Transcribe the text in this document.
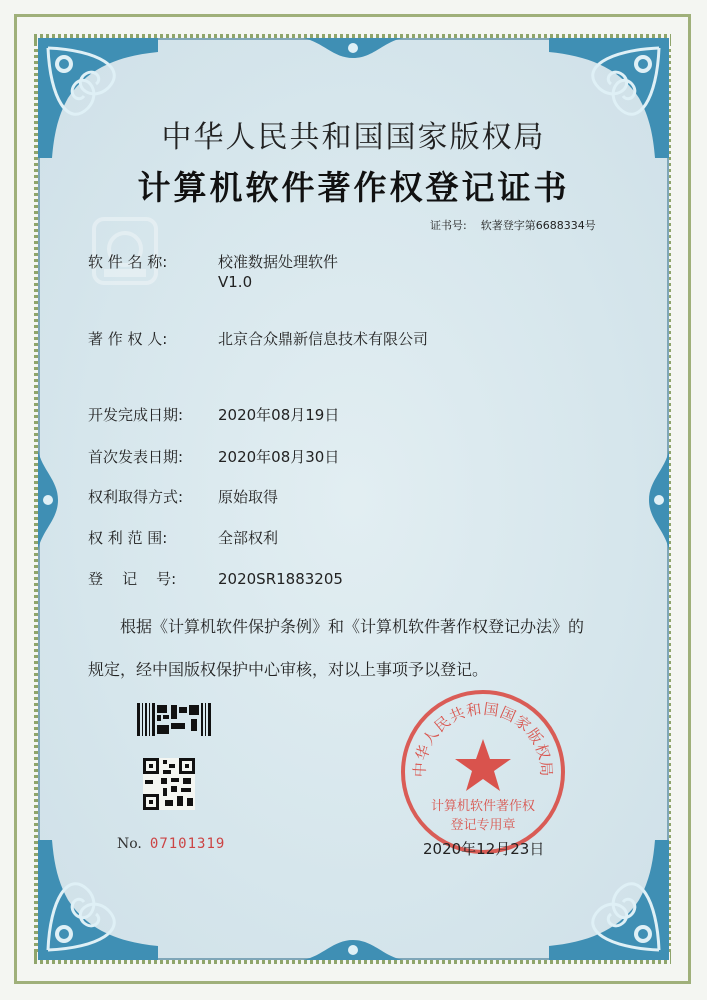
中华人民共和国国家版权局
计算机软件著作权登记证书
证书号: 软著登字第6688334号
软 件 名 称:	校准数据处理软件
V1.0
著 作 权 人:	北京合众鼎新信息技术有限公司
开发完成日期: 2020年08月19日
首次发表日期: 2020年08月30日
权利取得方式: 原始取得
权 利 范 围:	全部权利
登    记    号:	2020SR1883205
根据《计算机软件保护条例》和《计算机软件著作权登记办法》的
规定，经中国版权保护中心审核，对以上事项予以登记。
No. 07101319
中华人民共和国国家版权局
计算机软件著作权
登记专用章
2020年12月23日
